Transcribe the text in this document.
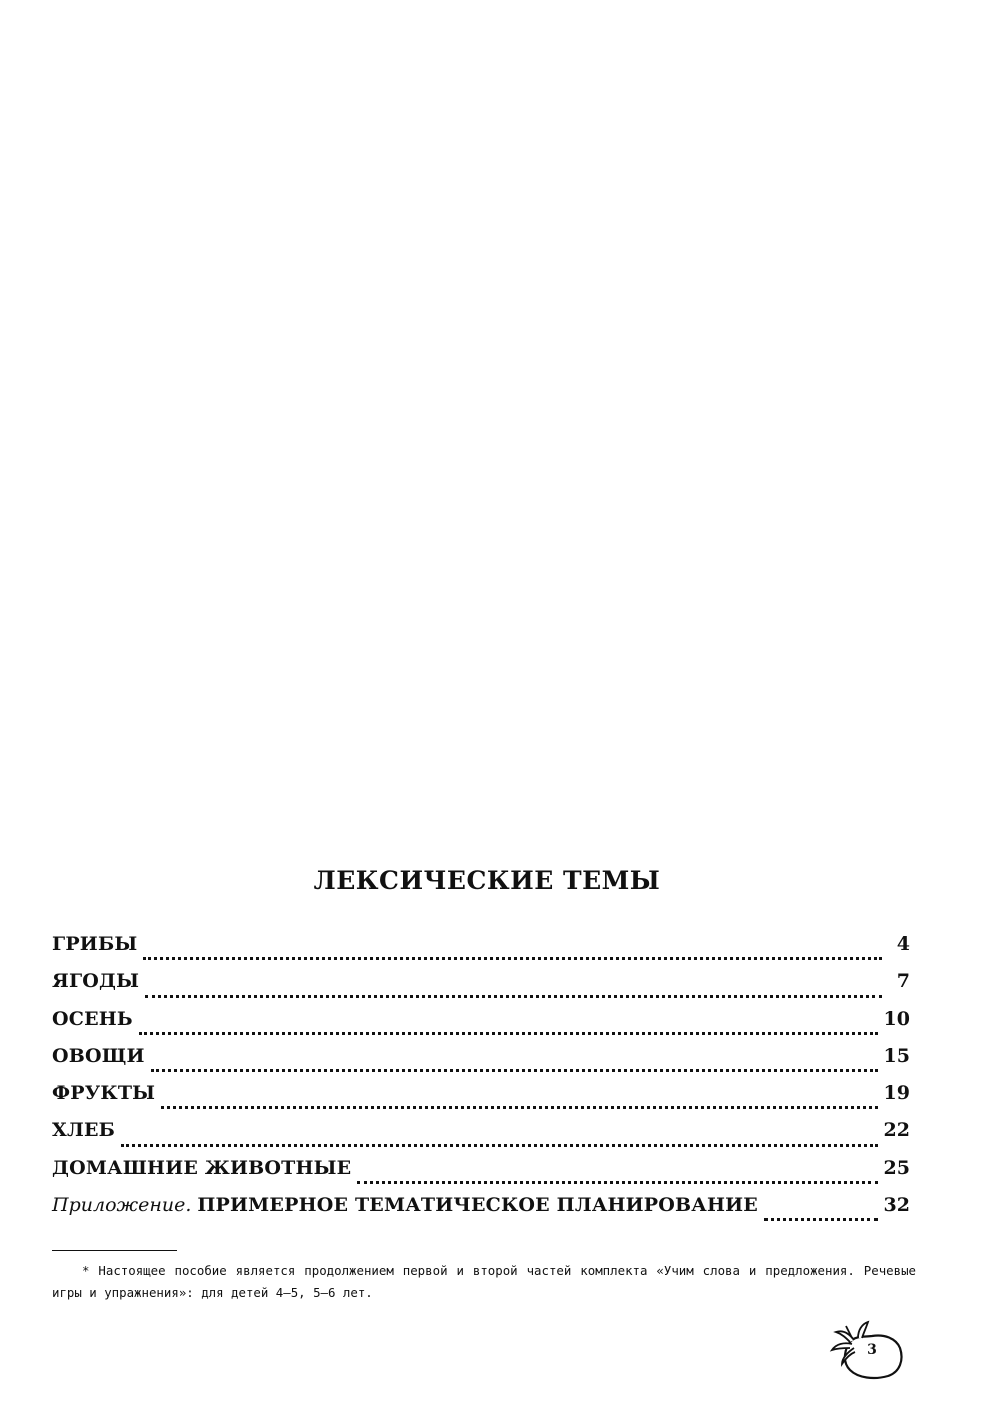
ЛЕКСИЧЕСКИЕ ТЕМЫ
ГРИБЫ	4
ЯГОДЫ	7
ОСЕНЬ	10
ОВОЩИ	15
ФРУКТЫ	19
ХЛЕБ	22
ДОМАШНИЕ ЖИВОТНЫЕ	25
Приложение. ПРИМЕРНОЕ ТЕМАТИЧЕСКОЕ ПЛАНИРОВАНИЕ	32
* Настоящее пособие является продолжением первой и второй частей комплекта «Учим слова и предложения. Речевые игры и упражнения»: для детей 4–5, 5–6 лет.
3
